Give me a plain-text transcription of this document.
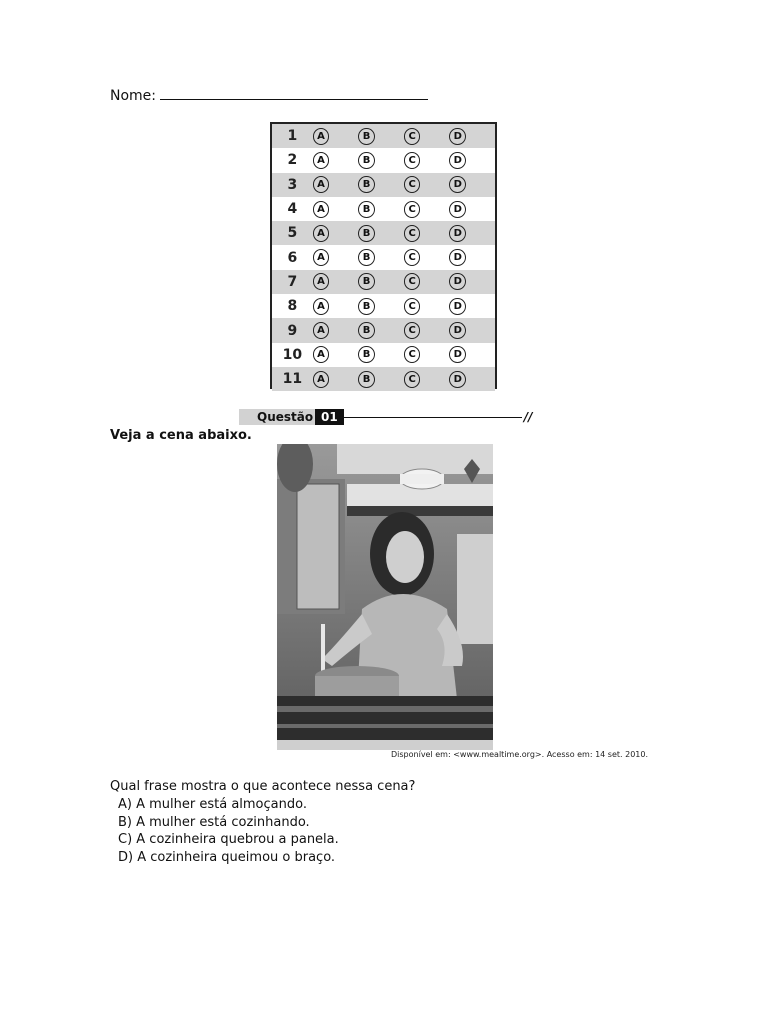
Nome:
1	A	B	C	D
2	A	B	C	D
3	A	B	C	D
4	A	B	C	D
5	A	B	C	D
6	A	B	C	D
7	A	B	C	D
8	A	B	C	D
9	A	B	C	D
10	A	B	C	D
11	A	B	C	D
Questão 01	//
Veja a cena abaixo.
Disponível em: <www.mealtime.org>. Acesso em: 14 set. 2010.
Qual frase mostra o que acontece nessa cena?
A) A mulher está almoçando.
B) A mulher está cozinhando.
C) A cozinheira quebrou a panela.
D) A cozinheira queimou o braço.
